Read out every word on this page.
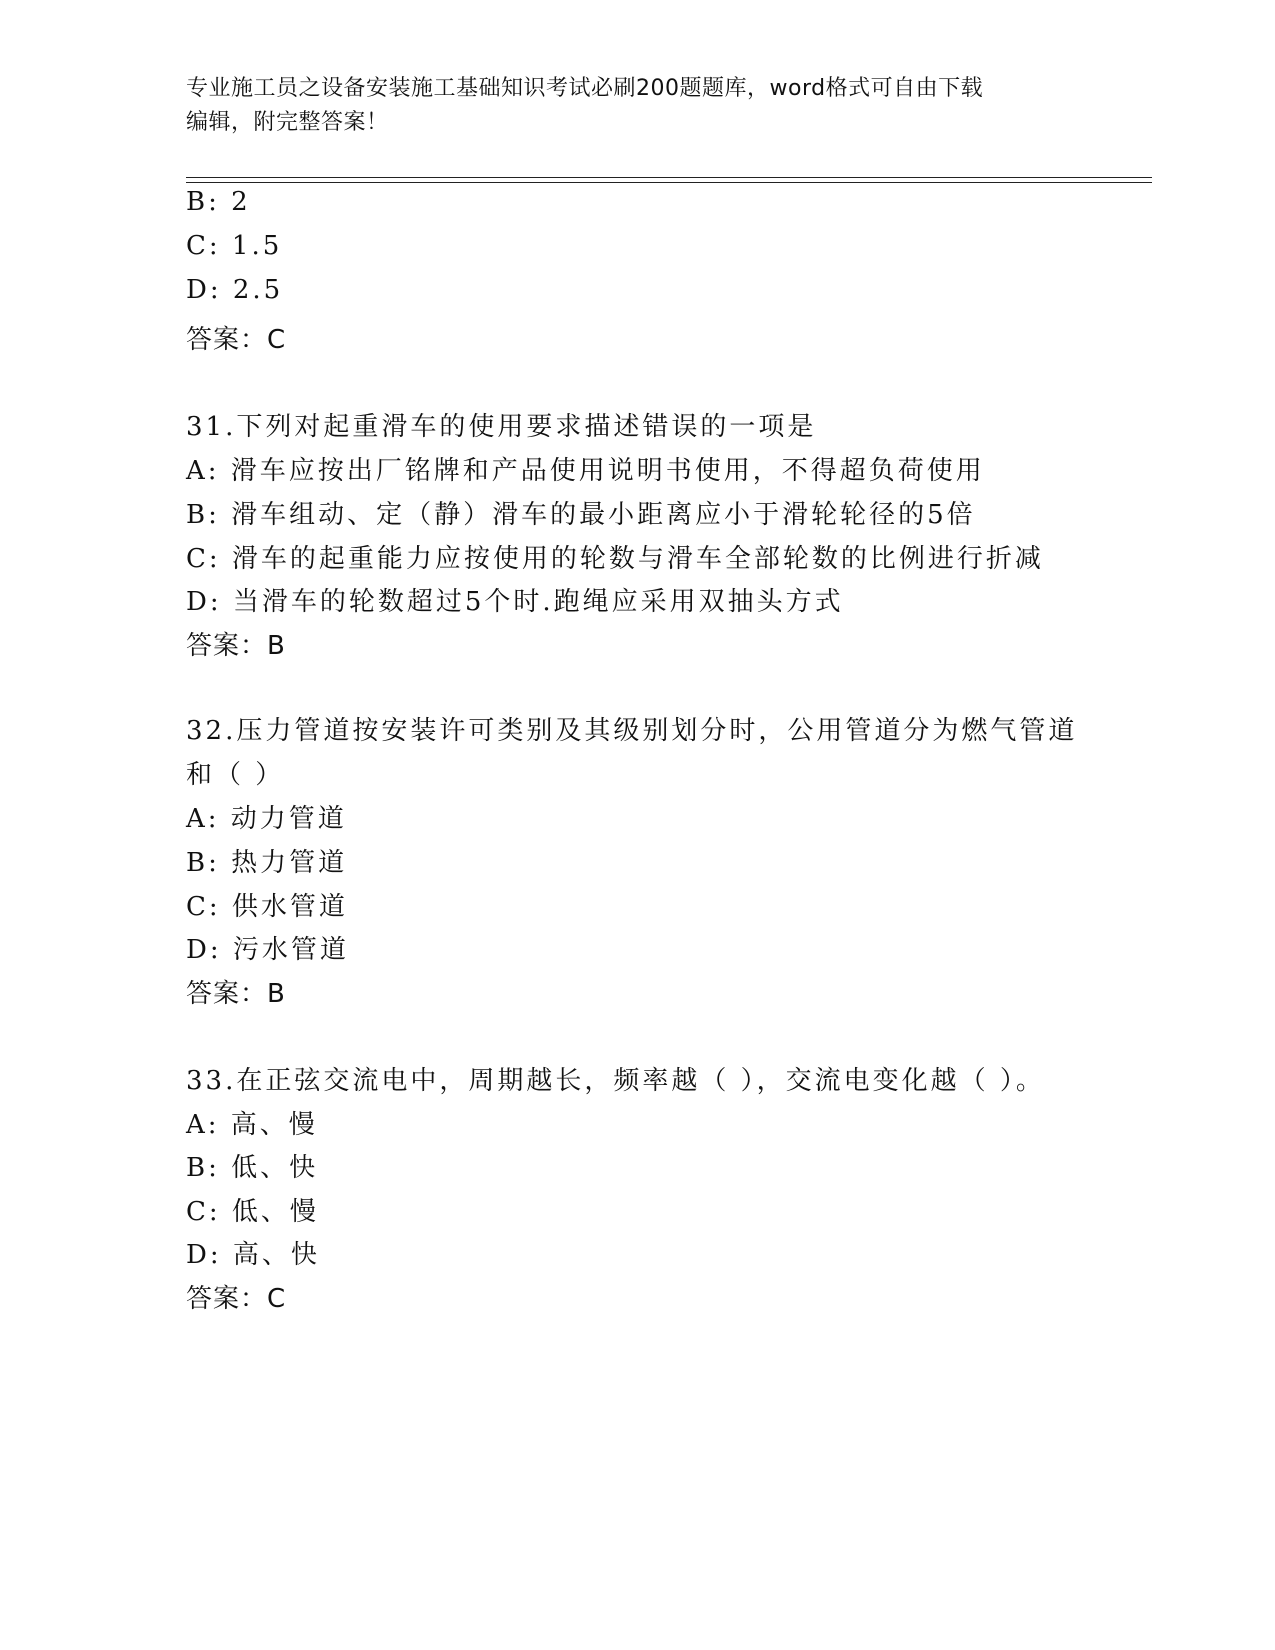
专业施工员之设备安装施工基础知识考试必刷200题题库，word格式可自由下载
编辑，附完整答案！
B: 2
C: 1.5
D: 2.5
答案：C
31.下列对起重滑车的使用要求描述错误的一项是
A: 滑车应按出厂铭牌和产品使用说明书使用，不得超负荷使用
B: 滑车组动、定（静）滑车的最小距离应小于滑轮轮径的5倍
C: 滑车的起重能力应按使用的轮数与滑车全部轮数的比例进行折减
D: 当滑车的轮数超过5个时.跑绳应采用双抽头方式
答案：B
32.压力管道按安装许可类别及其级别划分时，公用管道分为燃气管道
和（ ）
A: 动力管道
B: 热力管道
C: 供水管道
D: 污水管道
答案：B
33.在正弦交流电中，周期越长，频率越（ ），交流电变化越（ ）。
A: 高、慢
B: 低、快
C: 低、慢
D: 高、快
答案：C
